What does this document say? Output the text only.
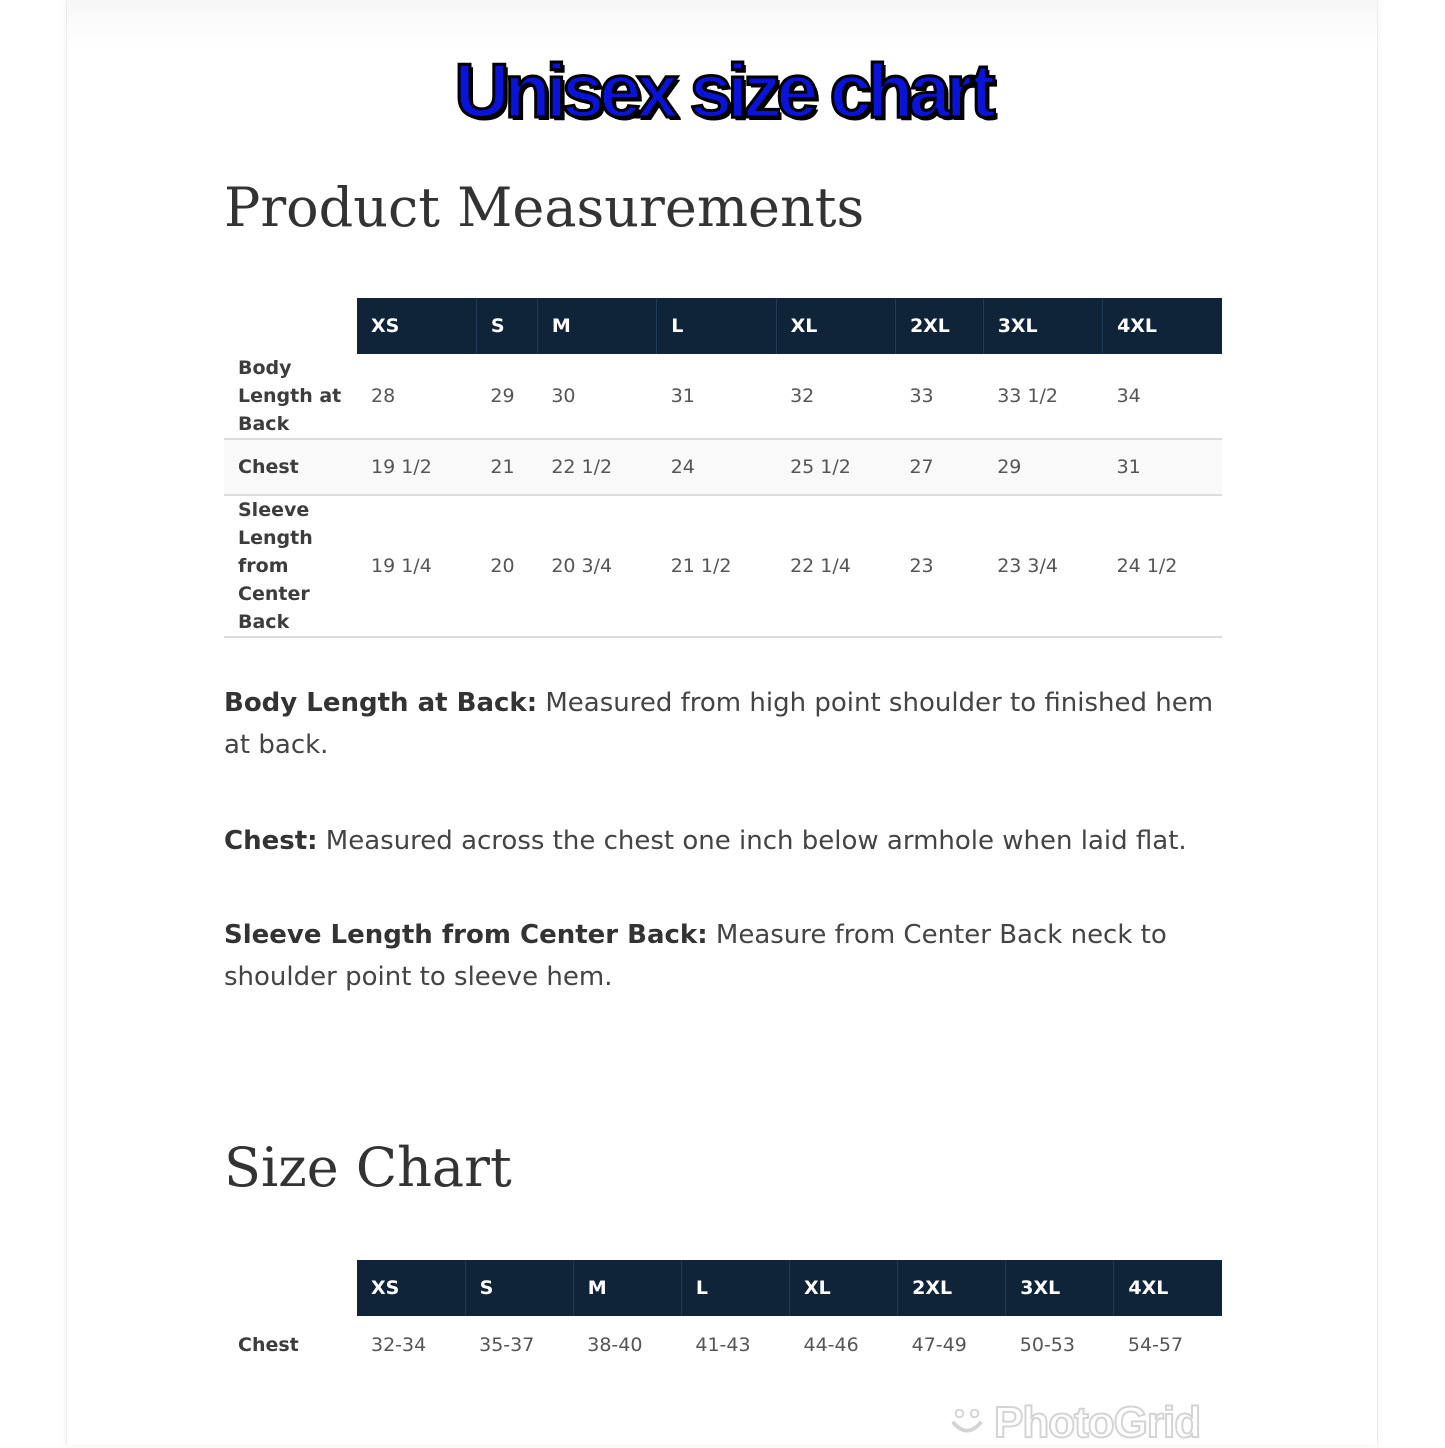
Unisex size chart
Product Measurements
	XS	S	M	L	XL	2XL	3XL	4XL
Body Length at Back	28	29	30	31	32	33	33 1/2	34
Chest	19 1/2	21	22 1/2	24	25 1/2	27	29	31
Sleeve Length from Center Back	19 1/4	20	20 3/4	21 1/2	22 1/4	23	23 3/4	24 1/2

Body Length at Back: Measured from high point shoulder to finished hem at back.

Chest: Measured across the chest one inch below armhole when laid flat.

Sleeve Length from Center Back: Measure from Center Back neck to shoulder point to sleeve hem.

Size Chart
	XS	S	M	L	XL	2XL	3XL	4XL
Chest	32-34	35-37	38-40	41-43	44-46	47-49	50-53	54-57
PhotoGrid
